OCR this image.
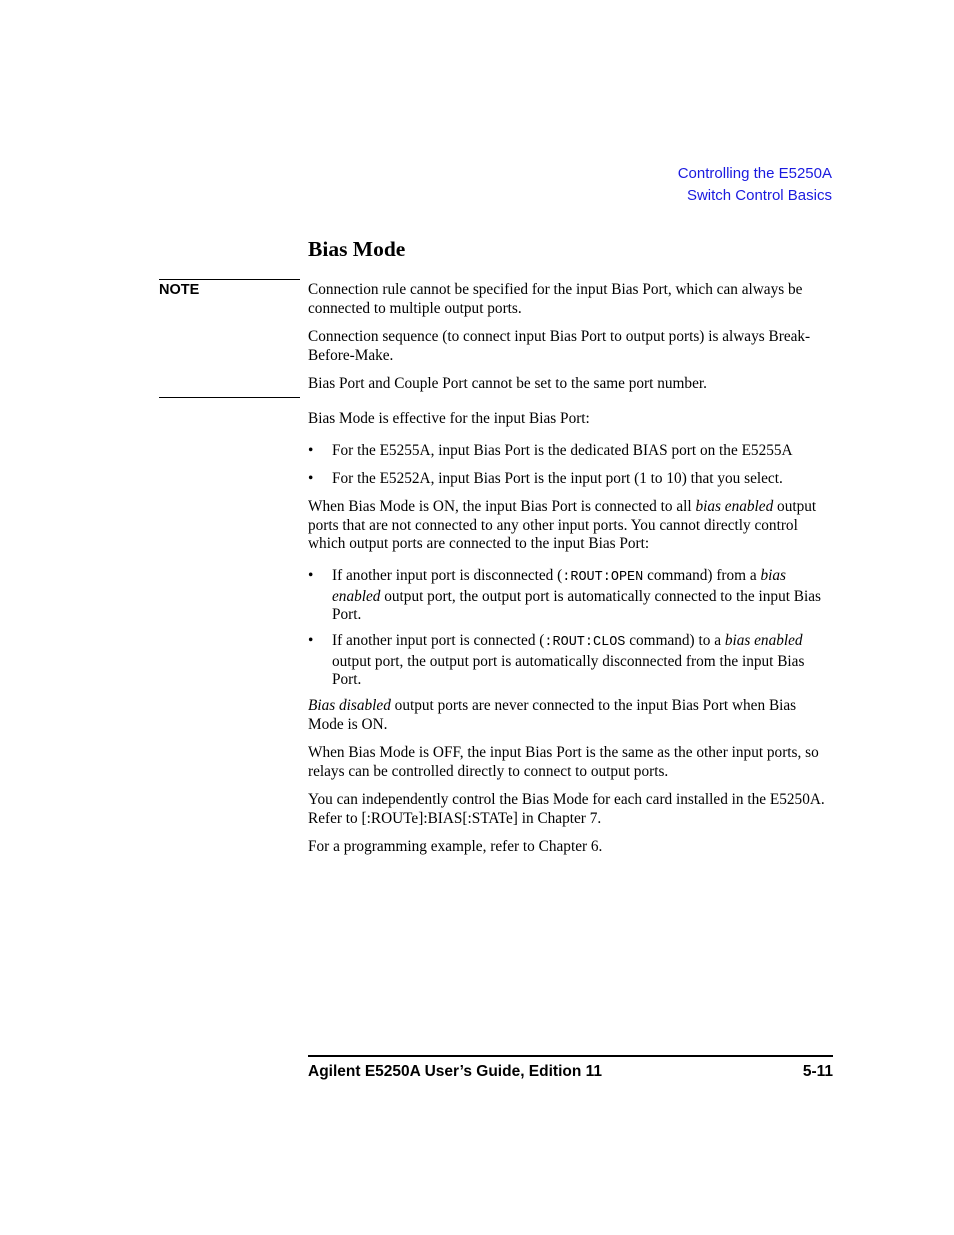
Controlling the E5250A
Switch Control Basics
Bias Mode
NOTE	Connection rule cannot be specified for the input Bias Port, which can always be connected to multiple output ports.

Connection sequence (to connect input Bias Port to output ports) is always Break-Before-Make.

Bias Port and Couple Port cannot be set to the same port number.

Bias Mode is effective for the input Bias Port:

• For the E5255A, input Bias Port is the dedicated BIAS port on the E5255A
• For the E5252A, input Bias Port is the input port (1 to 10) that you select.

When Bias Mode is ON, the input Bias Port is connected to all bias enabled output ports that are not connected to any other input ports. You cannot directly control which output ports are connected to the input Bias Port:

• If another input port is disconnected (:ROUT:OPEN command) from a bias enabled output port, the output port is automatically connected to the input Bias Port.
• If another input port is connected (:ROUT:CLOS command) to a bias enabled output port, the output port is automatically disconnected from the input Bias Port.

Bias disabled output ports are never connected to the input Bias Port when Bias Mode is ON.

When Bias Mode is OFF, the input Bias Port is the same as the other input ports, so relays can be controlled directly to connect to output ports.

You can independently control the Bias Mode for each card installed in the E5250A. Refer to [:ROUTe]:BIAS[:STATe] in Chapter 7.

For a programming example, refer to Chapter 6.

Agilent E5250A User’s Guide, Edition 11	5-11
